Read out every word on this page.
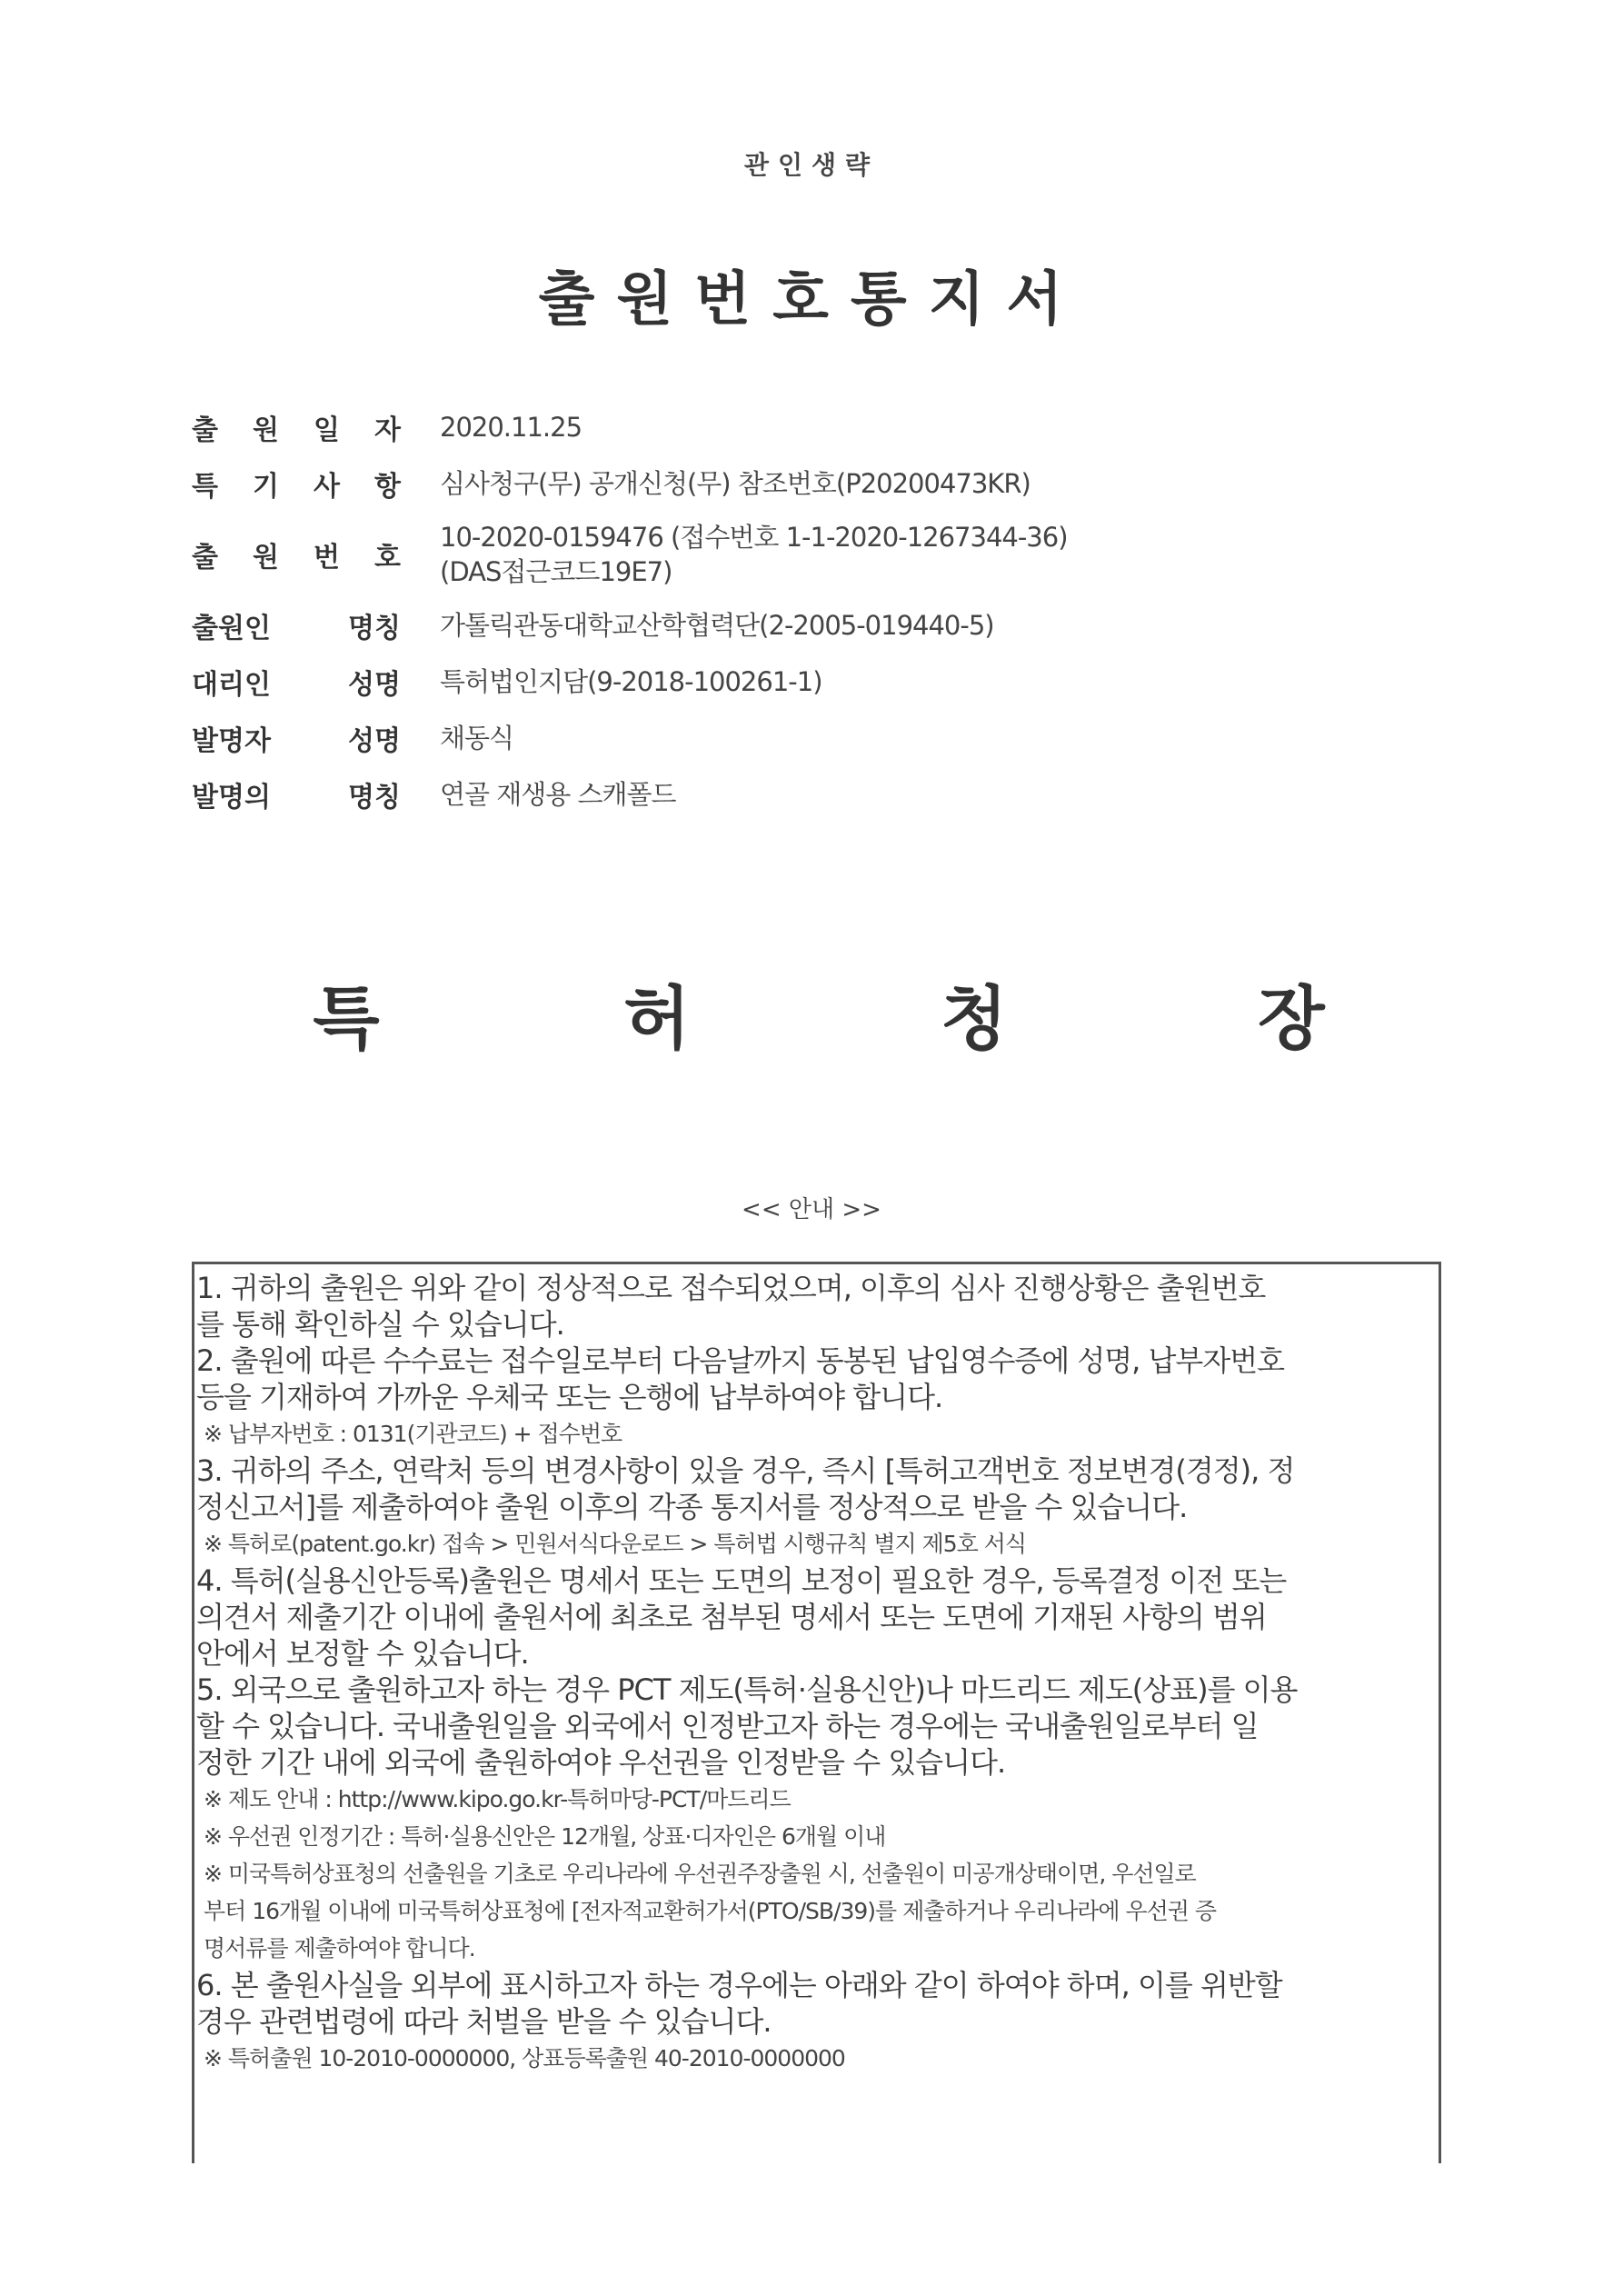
관인생략
출원번호통지서
출 원 일 자 2020.11.25
특 기 사 항 심사청구(무) 공개신청(무) 참조번호(P20200473KR)
출 원 번 호
10-2020-0159476 (접수번호 1-1-2020-1267344-36)
(DAS접근코드19E7)
출원인 명칭 가톨릭관동대학교산학협력단(2-2005-019440-5)
대리인 성명 특허법인지담(9-2018-100261-1)
발명자 성명 채동식
발명의 명칭 연골 재생용 스캐폴드
특	허	청	장
<< 안내 >>
1. 귀하의 출원은 위와 같이 정상적으로 접수되었으며, 이후의 심사 진행상황은 출원번호
를 통해 확인하실 수 있습니다.
2. 출원에 따른 수수료는 접수일로부터 다음날까지 동봉된 납입영수증에 성명, 납부자번호
등을 기재하여 가까운 우체국 또는 은행에 납부하여야 합니다.
※ 납부자번호 : 0131(기관코드) + 접수번호
3. 귀하의 주소, 연락처 등의 변경사항이 있을 경우, 즉시 [특허고객번호 정보변경(경정), 정
정신고서]를 제출하여야 출원 이후의 각종 통지서를 정상적으로 받을 수 있습니다.
※ 특허로(patent.go.kr) 접속 > 민원서식다운로드 > 특허법 시행규칙 별지 제5호 서식
4. 특허(실용신안등록)출원은 명세서 또는 도면의 보정이 필요한 경우, 등록결정 이전 또는
의견서 제출기간 이내에 출원서에 최초로 첨부된 명세서 또는 도면에 기재된 사항의 범위
안에서 보정할 수 있습니다.
5. 외국으로 출원하고자 하는 경우 PCT 제도(특허·실용신안)나 마드리드 제도(상표)를 이용
할 수 있습니다. 국내출원일을 외국에서 인정받고자 하는 경우에는 국내출원일로부터 일
정한 기간 내에 외국에 출원하여야 우선권을 인정받을 수 있습니다.
※ 제도 안내 : http://www.kipo.go.kr-특허마당-PCT/마드리드
※ 우선권 인정기간 : 특허·실용신안은 12개월, 상표·디자인은 6개월 이내
※ 미국특허상표청의 선출원을 기초로 우리나라에 우선권주장출원 시, 선출원이 미공개상태이면, 우선일로
부터 16개월 이내에 미국특허상표청에 [전자적교환허가서(PTO/SB/39)를 제출하거나 우리나라에 우선권 증
명서류를 제출하여야 합니다.
6. 본 출원사실을 외부에 표시하고자 하는 경우에는 아래와 같이 하여야 하며, 이를 위반할
경우 관련법령에 따라 처벌을 받을 수 있습니다.
※ 특허출원 10-2010-0000000, 상표등록출원 40-2010-0000000
